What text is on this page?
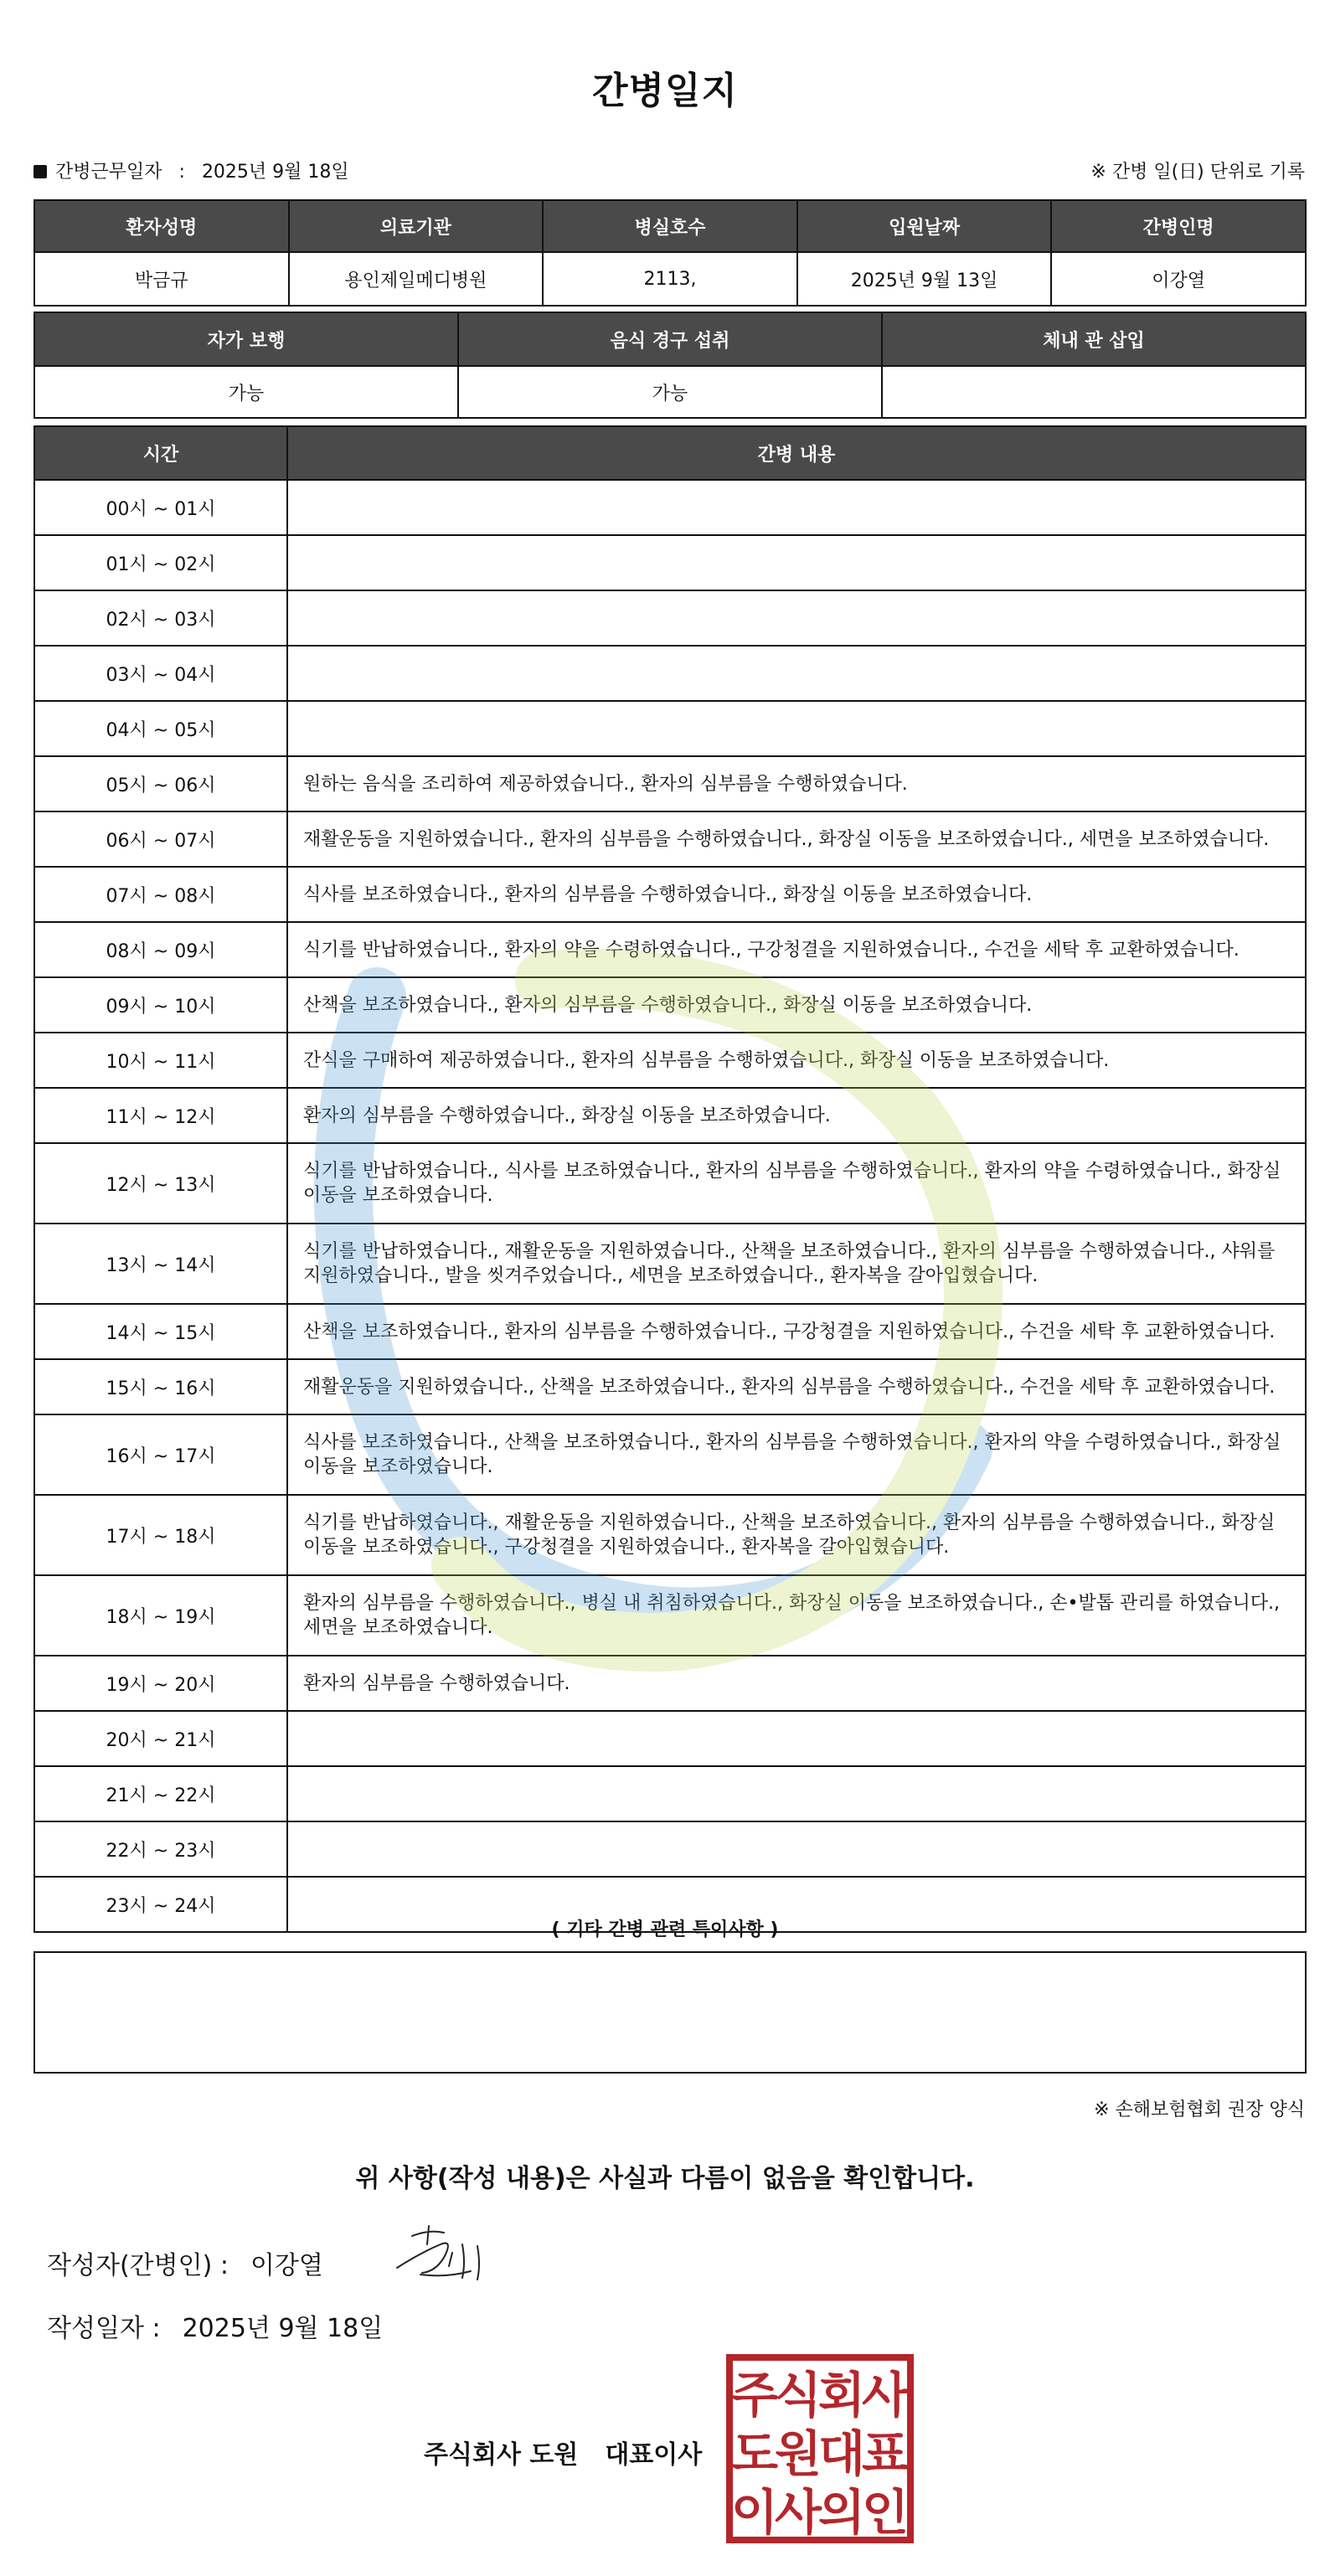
간병일지
간병근무일자 : 2025년 9월 18일	※ 간병 일(日) 단위로 기록
환자성명	의료기관	병실호수	입원날짜	간병인명
박금규	용인제일메디병원	2113,	2025년 9월 13일	이강열
자가 보행	음식 경구 섭취	체내 관 삽입
가능	가능	
시간	간병 내용
00시 ~ 01시	
01시 ~ 02시	
02시 ~ 03시	
03시 ~ 04시	
04시 ~ 05시	
05시 ~ 06시	원하는 음식을 조리하여 제공하였습니다., 환자의 심부름을 수행하였습니다.
06시 ~ 07시	재활운동을 지원하였습니다., 환자의 심부름을 수행하였습니다., 화장실 이동을 보조하였습니다., 세면을 보조하였습니다.
07시 ~ 08시	식사를 보조하였습니다., 환자의 심부름을 수행하였습니다., 화장실 이동을 보조하였습니다.
08시 ~ 09시	식기를 반납하였습니다., 환자의 약을 수령하였습니다., 구강청결을 지원하였습니다., 수건을 세탁 후 교환하였습니다.
09시 ~ 10시	산책을 보조하였습니다., 환자의 심부름을 수행하였습니다., 화장실 이동을 보조하였습니다.
10시 ~ 11시	간식을 구매하여 제공하였습니다., 환자의 심부름을 수행하였습니다., 화장실 이동을 보조하였습니다.
11시 ~ 12시	환자의 심부름을 수행하였습니다., 화장실 이동을 보조하였습니다.
12시 ~ 13시	식기를 반납하였습니다., 식사를 보조하였습니다., 환자의 심부름을 수행하였습니다., 환자의 약을 수령하였습니다., 화장실 이동을 보조하였습니다.
13시 ~ 14시	식기를 반납하였습니다., 재활운동을 지원하였습니다., 산책을 보조하였습니다., 환자의 심부름을 수행하였습니다., 샤워를 지원하였습니다., 발을 씻겨주었습니다., 세면을 보조하였습니다., 환자복을 갈아입혔습니다.
14시 ~ 15시	산책을 보조하였습니다., 환자의 심부름을 수행하였습니다., 구강청결을 지원하였습니다., 수건을 세탁 후 교환하였습니다.
15시 ~ 16시	재활운동을 지원하였습니다., 산책을 보조하였습니다., 환자의 심부름을 수행하였습니다., 수건을 세탁 후 교환하였습니다.
16시 ~ 17시	식사를 보조하였습니다., 산책을 보조하였습니다., 환자의 심부름을 수행하였습니다., 환자의 약을 수령하였습니다., 화장실 이동을 보조하였습니다.
17시 ~ 18시	식기를 반납하였습니다., 재활운동을 지원하였습니다., 산책을 보조하였습니다., 환자의 심부름을 수행하였습니다., 화장실 이동을 보조하였습니다., 구강청결을 지원하였습니다., 환자복을 갈아입혔습니다.
18시 ~ 19시	환자의 심부름을 수행하였습니다., 병실 내 취침하였습니다., 화장실 이동을 보조하였습니다., 손•발톱 관리를 하였습니다., 세면을 보조하였습니다.
19시 ~ 20시	환자의 심부름을 수행하였습니다.
20시 ~ 21시	
21시 ~ 22시	
22시 ~ 23시	
23시 ~ 24시	
( 기타 간병 관련 특이사항 )
※ 손해보험협회 권장 양식
위 사항(작성 내용)은 사실과 다름이 없음을 확인합니다.
작성자(간병인) : 이강열
작성일자 : 2025년 9월 18일
주식회사 도원 대표이사
주
식
회
사
도
원
대
표
이
사
의
인
